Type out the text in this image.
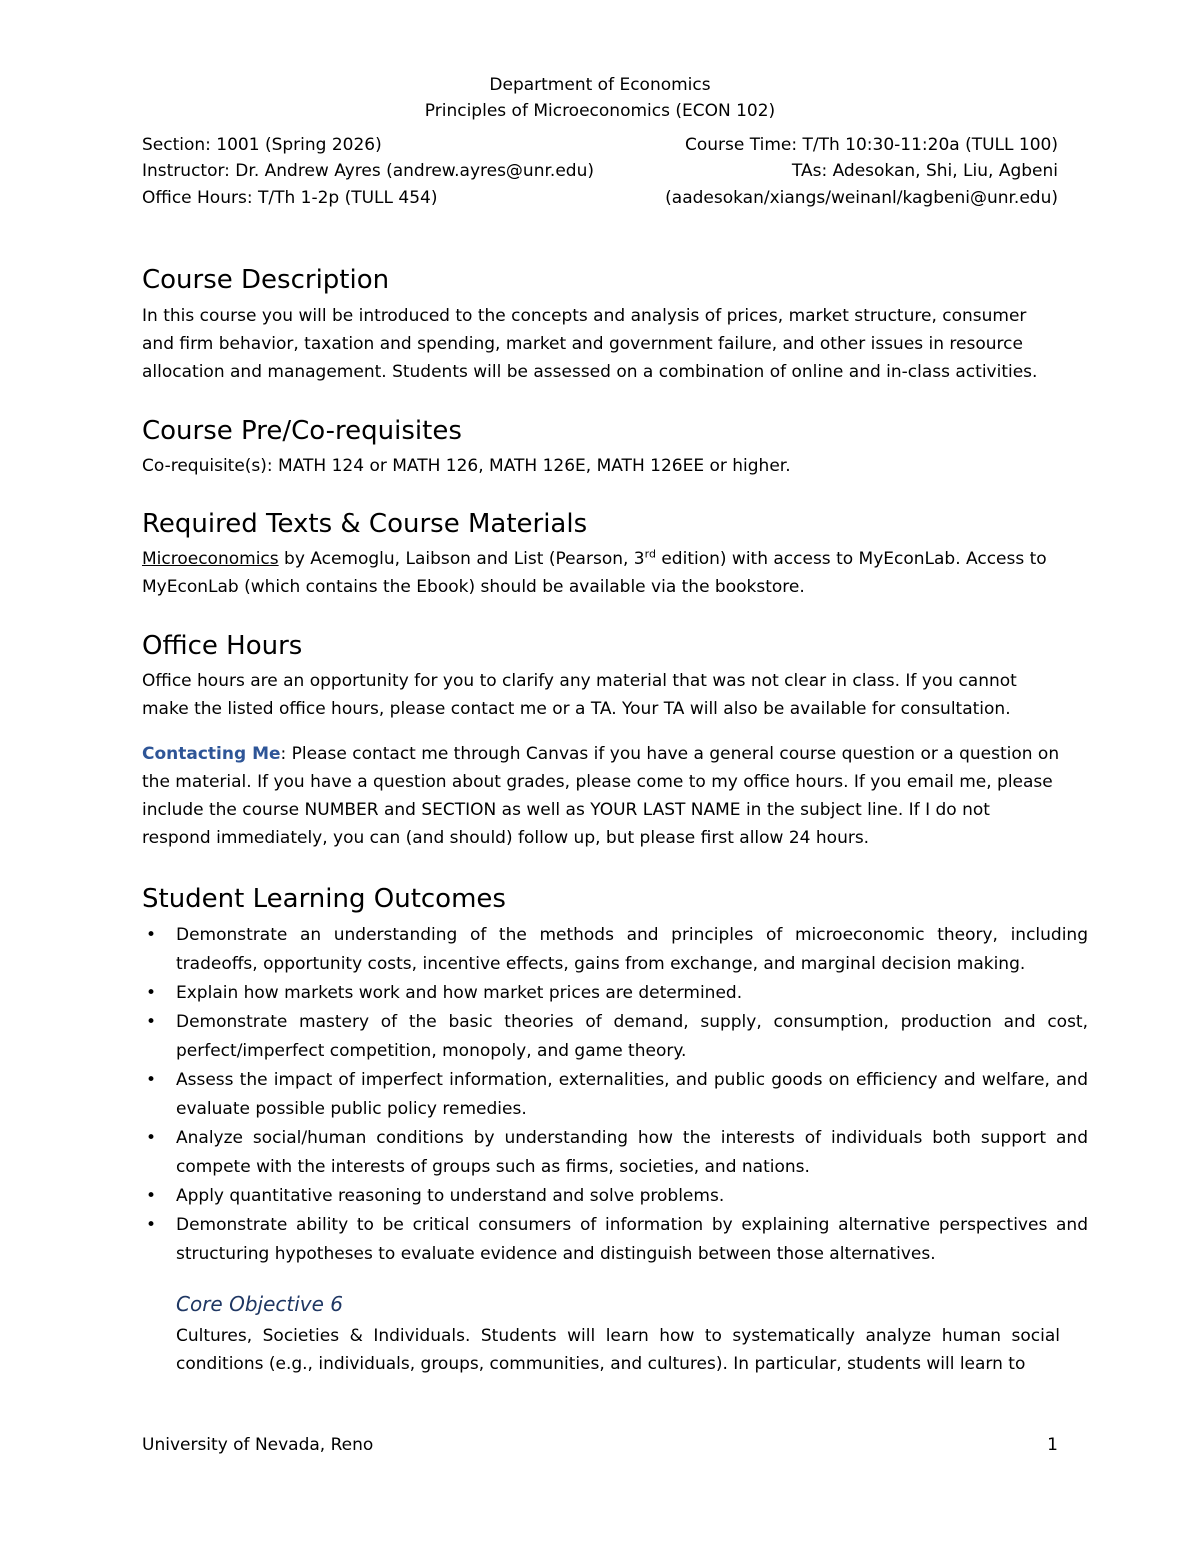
Department of Economics
Principles of Microeconomics (ECON 102)
Section: 1001 (Spring 2026)
Instructor: Dr. Andrew Ayres (andrew.ayres@unr.edu)
Office Hours: T/Th 1-2p (TULL 454)
Course Time: T/Th 10:30-11:20a (TULL 100)
TAs: Adesokan, Shi, Liu, Agbeni
(aadesokan/xiangs/weinanl/kagbeni@unr.edu)
Course Description
In this course you will be introduced to the concepts and analysis of prices, market structure, consumer and firm behavior, taxation and spending, market and government failure, and other issues in resource allocation and management. Students will be assessed on a combination of online and in-class activities.
Course Pre/Co-requisites
Co-requisite(s): MATH 124 or MATH 126, MATH 126E, MATH 126EE or higher.
Required Texts & Course Materials
Microeconomics by Acemoglu, Laibson and List (Pearson, 3rd edition) with access to MyEconLab. Access to MyEconLab (which contains the Ebook) should be available via the bookstore.
Office Hours
Office hours are an opportunity for you to clarify any material that was not clear in class. If you cannot make the listed office hours, please contact me or a TA. Your TA will also be available for consultation.
Contacting Me: Please contact me through Canvas if you have a general course question or a question on the material. If you have a question about grades, please come to my office hours. If you email me, please include the course NUMBER and SECTION as well as YOUR LAST NAME in the subject line. If I do not respond immediately, you can (and should) follow up, but please first allow 24 hours.
Student Learning Outcomes
• Demonstrate an understanding of the methods and principles of microeconomic theory, including tradeoffs, opportunity costs, incentive effects, gains from exchange, and marginal decision making.
• Explain how markets work and how market prices are determined.
• Demonstrate mastery of the basic theories of demand, supply, consumption, production and cost, perfect/imperfect competition, monopoly, and game theory.
• Assess the impact of imperfect information, externalities, and public goods on efficiency and welfare, and evaluate possible public policy remedies.
• Analyze social/human conditions by understanding how the interests of individuals both support and compete with the interests of groups such as firms, societies, and nations.
• Apply quantitative reasoning to understand and solve problems.
• Demonstrate ability to be critical consumers of information by explaining alternative perspectives and structuring hypotheses to evaluate evidence and distinguish between those alternatives.
Core Objective 6
Cultures, Societies & Individuals. Students will learn how to systematically analyze human social conditions (e.g., individuals, groups, communities, and cultures). In particular, students will learn to
University of Nevada, Reno	1
